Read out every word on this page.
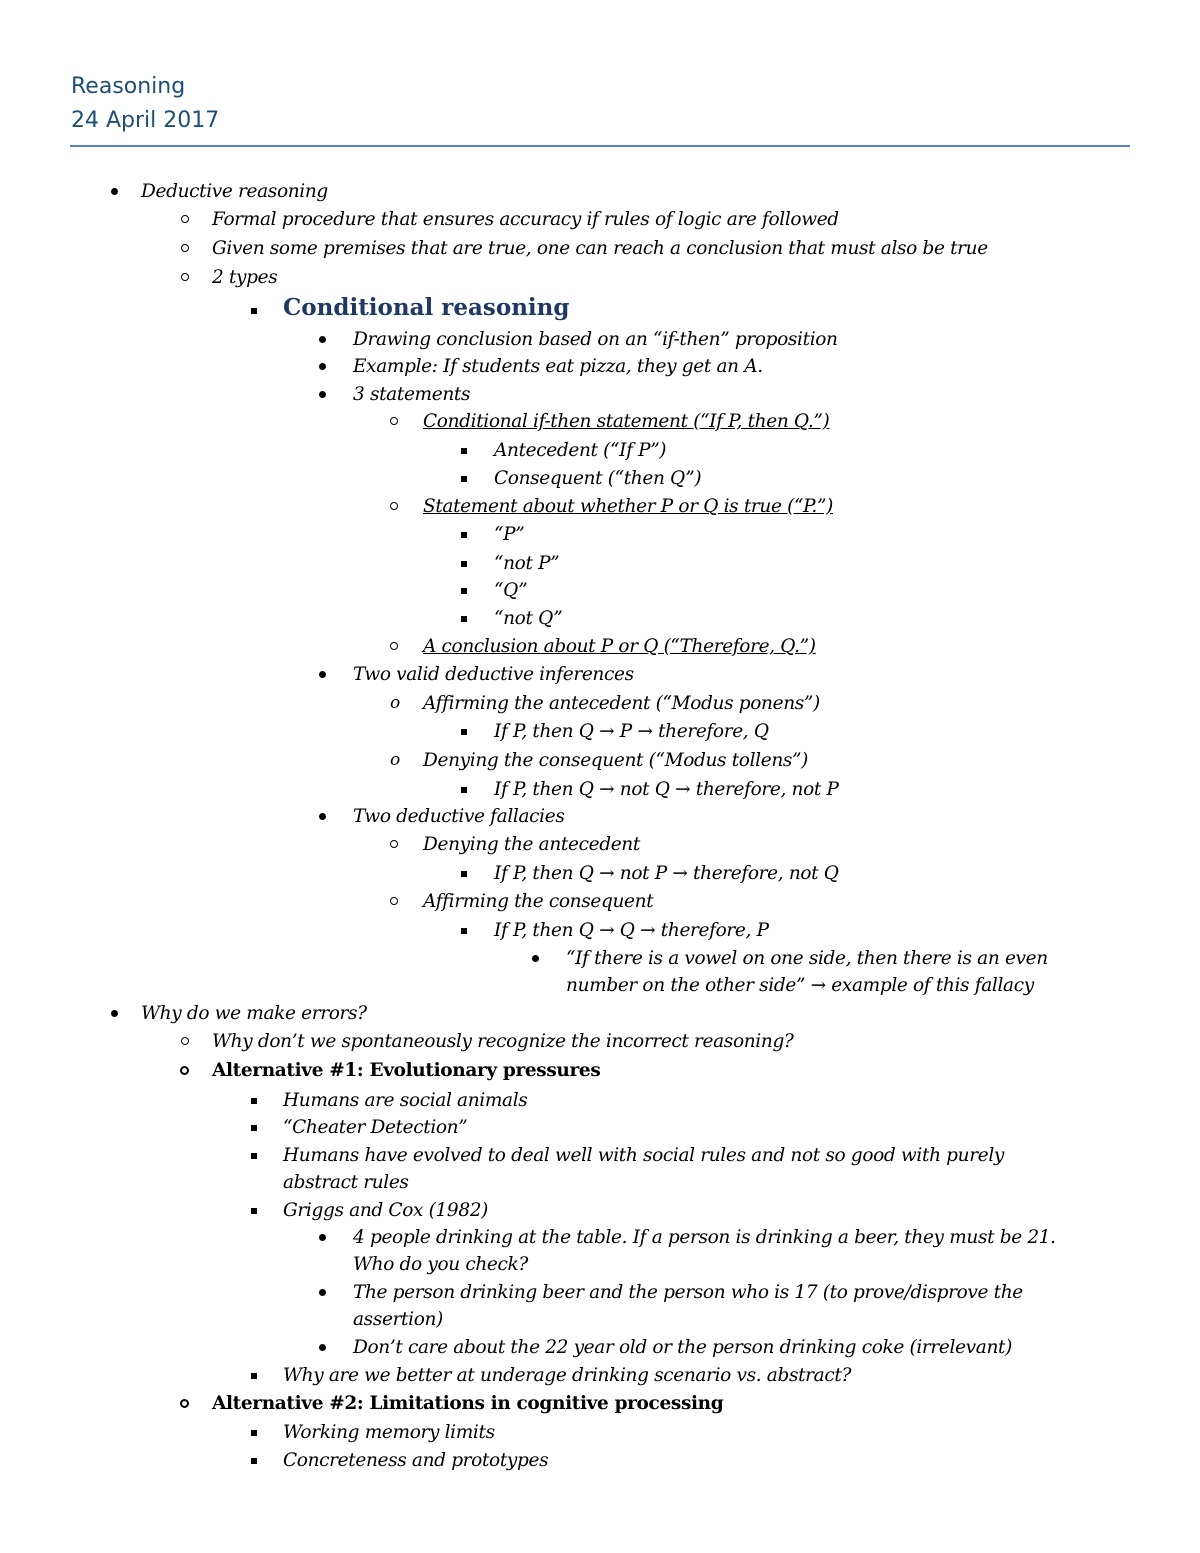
Reasoning
24 April 2017
Deductive reasoning
Formal procedure that ensures accuracy if rules of logic are followed
Given some premises that are true, one can reach a conclusion that must also be true
2 types
Conditional reasoning
Drawing conclusion based on an “if-then” proposition
Example: If students eat pizza, they get an A.
3 statements
Conditional if-then statement (“If P, then Q.”)
Antecedent (“If P”)
Consequent (“then Q”)
Statement about whether P or Q is true (“P.”)
“P”
“not P”
“Q”
“not Q”
A conclusion about P or Q (“Therefore, Q.”)
Two valid deductive inferences
o Affirming the antecedent (“Modus ponens”)
If P, then Q → P → therefore, Q
o Denying the consequent (“Modus tollens”)
If P, then Q → not Q → therefore, not P
Two deductive fallacies
Denying the antecedent
If P, then Q → not P → therefore, not Q
Affirming the consequent
If P, then Q → Q → therefore, P
“If there is a vowel on one side, then there is an even
number on the other side” → example of this fallacy
Why do we make errors?
Why don’t we spontaneously recognize the incorrect reasoning?
Alternative #1: Evolutionary pressures
Humans are social animals
“Cheater Detection”
Humans have evolved to deal well with social rules and not so good with purely
abstract rules
Griggs and Cox (1982)
4 people drinking at the table. If a person is drinking a beer, they must be 21.
Who do you check?
The person drinking beer and the person who is 17 (to prove/disprove the
assertion)
Don’t care about the 22 year old or the person drinking coke (irrelevant)
Why are we better at underage drinking scenario vs. abstract?
Alternative #2: Limitations in cognitive processing
Working memory limits
Concreteness and prototypes
